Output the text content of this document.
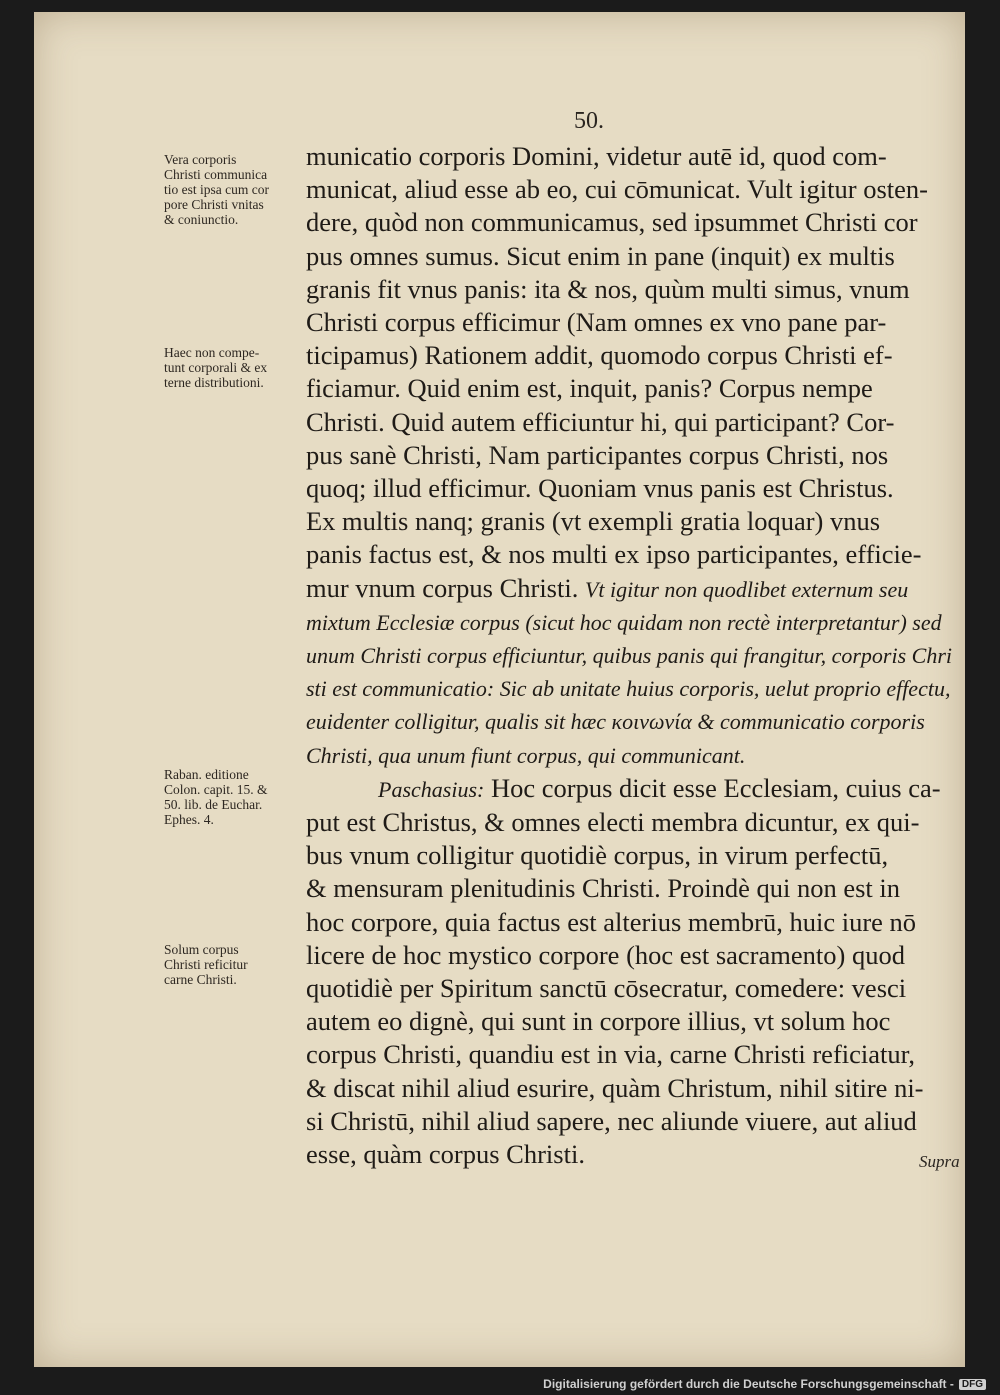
50.
Vera corporis
Christi communica
tio est ipsa cum cor
pore Christi vnitas
& coniunctio.
Haec non compe-
tunt corporali & ex
terne distributioni.
Raban. editione
Colon. capit. 15. &
50. lib. de Euchar.
Ephes. 4.
Solum corpus
Christi reficitur
carne Christi.
municatio corporis Domini, videtur autē id, quod com-
municat, aliud esse ab eo, cui cōmunicat. Vult igitur osten-
dere, quòd non communicamus, sed ipsummet Christi cor
pus omnes sumus. Sicut enim in pane (inquit) ex multis
granis fit vnus panis: ita & nos, quùm multi simus, vnum
Christi corpus efficimur (Nam omnes ex vno pane par-
ticipamus) Rationem addit, quomodo corpus Christi ef-
ficiamur. Quid enim est, inquit, panis? Corpus nempe
Christi. Quid autem efficiuntur hi, qui participant? Cor-
pus sanè Christi, Nam participantes corpus Christi, nos
quoq; illud efficimur. Quoniam vnus panis est Christus.
Ex multis nanq; granis (vt exempli gratia loquar) vnus
panis factus est, & nos multi ex ipso participantes, efficie-
mur vnum corpus Christi. Vt igitur non quodlibet externum seu
mixtum Ecclesiæ corpus (sicut hoc quidam non rectè interpretantur) sed
unum Christi corpus efficiuntur, quibus panis qui frangitur, corporis Chri
sti est communicatio: Sic ab unitate huius corporis, uelut proprio effectu,
euidenter colligitur, qualis sit hæc κοινωνία & communicatio corporis
Christi, qua unum fiunt corpus, qui communicant.
Paschasius: Hoc corpus dicit esse Ecclesiam, cuius ca-
put est Christus, & omnes electi membra dicuntur, ex qui-
bus vnum colligitur quotidiè corpus, in virum perfectū,
& mensuram plenitudinis Christi. Proindè qui non est in
hoc corpore, quia factus est alterius membrū, huic iure nō
licere de hoc mystico corpore (hoc est sacramento) quod
quotidiè per Spiritum sanctū cōsecratur, comedere: vesci
autem eo dignè, qui sunt in corpore illius, vt solum hoc
corpus Christi, quandiu est in via, carne Christi reficiatur,
& discat nihil aliud esurire, quàm Christum, nihil sitire ni-
si Christū, nihil aliud sapere, nec aliunde viuere, aut aliud
esse, quàm corpus Christi.	Supra
Digitalisierung gefördert durch die Deutsche Forschungsgemeinschaft - DFG
